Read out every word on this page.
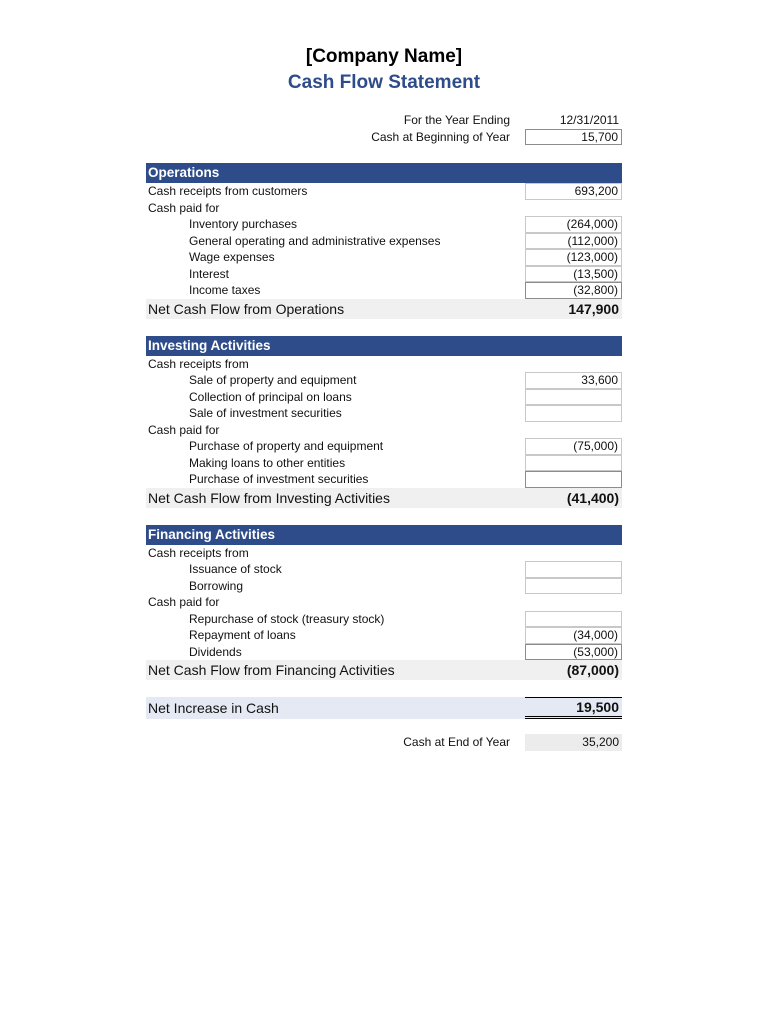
[Company Name]
Cash Flow Statement
For the Year Ending	12/31/2011
Cash at Beginning of Year	15,700
Operations
Cash receipts from customers	693,200
Cash paid for
Inventory purchases	(264,000)
General operating and administrative expenses	(112,000)
Wage expenses	(123,000)
Interest	(13,500)
Income taxes	(32,800)
Net Cash Flow from Operations	147,900
Investing Activities
Cash receipts from
Sale of property and equipment	33,600
Collection of principal on loans
Sale of investment securities
Cash paid for
Purchase of property and equipment	(75,000)
Making loans to other entities
Purchase of investment securities
Net Cash Flow from Investing Activities	(41,400)
Financing Activities
Cash receipts from
Issuance of stock
Borrowing
Cash paid for
Repurchase of stock (treasury stock)
Repayment of loans	(34,000)
Dividends	(53,000)
Net Cash Flow from Financing Activities	(87,000)
Net Increase in Cash	19,500
Cash at End of Year	35,200
